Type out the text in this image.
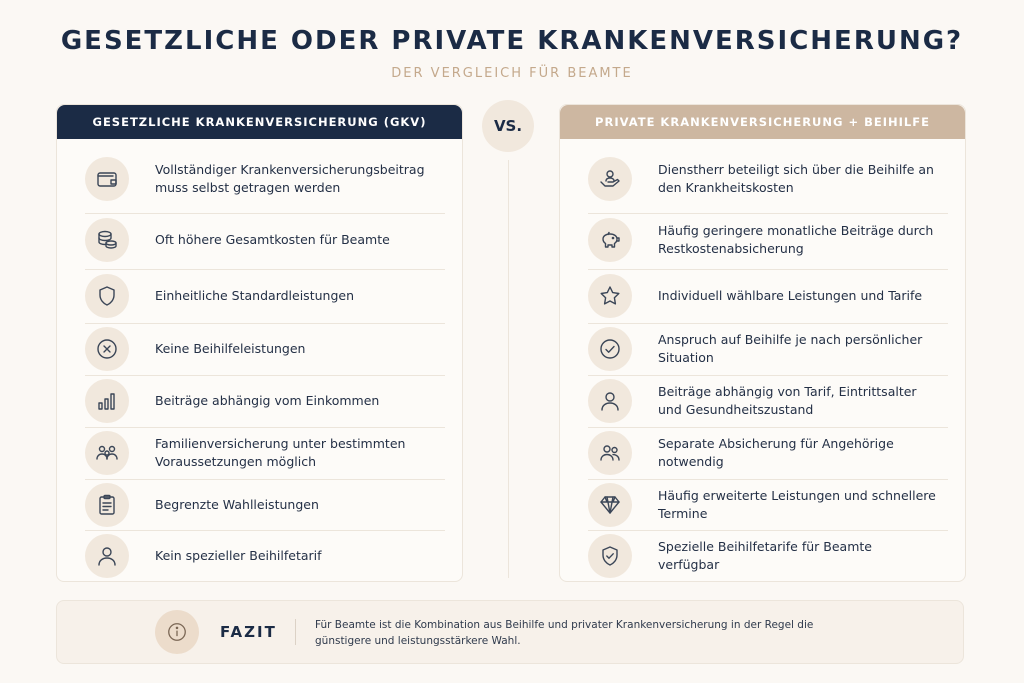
GESETZLICHE ODER PRIVATE KRANKENVERSICHERUNG?
DER VERGLEICH FÜR BEAMTE
GESETZLICHE KRANKENVERSICHERUNG (GKV)
Vollständiger Krankenversicherungsbeitrag muss selbst getragen werden
Oft höhere Gesamtkosten für Beamte
Einheitliche Standardleistungen
Keine Beihilfeleistungen
Beiträge abhängig vom Einkommen
Familienversicherung unter bestimmten Voraussetzungen möglich
Begrenzte Wahlleistungen
Kein spezieller Beihilfetarif
VS.	PRIVATE KRANKENVERSICHERUNG + BEIHILFE
Dienstherr beteiligt sich über die Beihilfe an den Krankheitskosten
Häufig geringere monatliche Beiträge durch Restkostenabsicherung
Individuell wählbare Leistungen und Tarife
Anspruch auf Beihilfe je nach persönlicher Situation
Beiträge abhängig von Tarif, Eintrittsalter und Gesundheitszustand
Separate Absicherung für Angehörige notwendig
Häufig erweiterte Leistungen und schnellere Termine
Spezielle Beihilfetarife für Beamte verfügbar
FAZIT	Für Beamte ist die Kombination aus Beihilfe und privater Krankenversicherung in der Regel die günstigere und leistungsstärkere Wahl.
